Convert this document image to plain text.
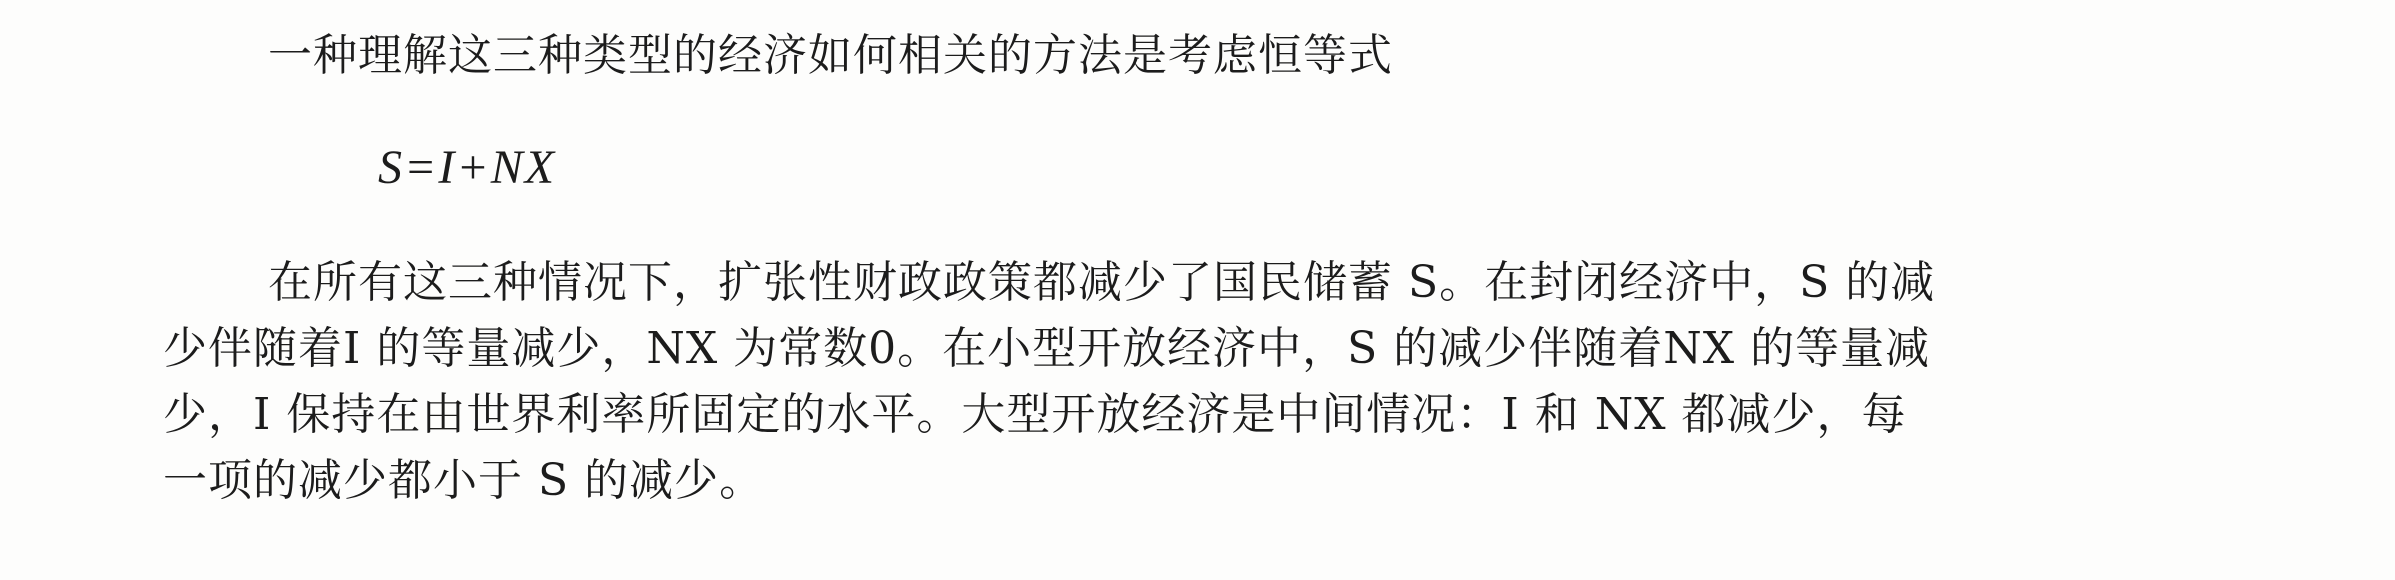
一种理解这三种类型的经济如何相关的方法是考虑恒等式
S=I+NX
在所有这三种情况下，扩张性财政政策都减少了国民储蓄 S。在封闭经济中，S 的减
少伴随着I 的等量减少，NX 为常数0。在小型开放经济中，S 的减少伴随着NX 的等量减
少，I 保持在由世界利率所固定的水平。大型开放经济是中间情况：I 和 NX 都减少，每
一项的减少都小于 S 的减少。
